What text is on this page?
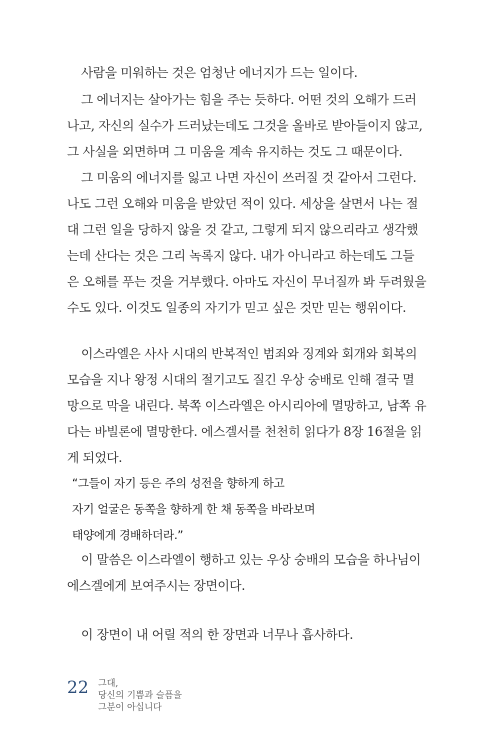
사람을 미워하는 것은 엄청난 에너지가 드는 일이다.
그 에너지는 살아가는 힘을 주는 듯하다. 어떤 것의 오해가 드러
나고, 자신의 실수가 드러났는데도 그것을 올바로 받아들이지 않고,
그 사실을 외면하며 그 미움을 계속 유지하는 것도 그 때문이다.
그 미움의 에너지를 잃고 나면 자신이 쓰러질 것 같아서 그런다.
나도 그런 오해와 미움을 받았던 적이 있다. 세상을 살면서 나는 절
대 그런 일을 당하지 않을 것 같고, 그렇게 되지 않으리라고 생각했
는데 산다는 것은 그리 녹록지 않다. 내가 아니라고 하는데도 그들
은 오해를 푸는 것을 거부했다. 아마도 자신이 무너질까 봐 두려웠을
수도 있다. 이것도 일종의 자기가 믿고 싶은 것만 믿는 행위이다.
이스라엘은 사사 시대의 반복적인 범죄와 징계와 회개와 회복의
모습을 지나 왕정 시대의 절기고도 질긴 우상 숭배로 인해 결국 멸
망으로 막을 내린다. 북쪽 이스라엘은 아시리아에 멸망하고, 남쪽 유
다는 바빌론에 멸망한다. 에스겔서를 천천히 읽다가 8장 16절을 읽
게 되었다.
“그들이 자기 등은 주의 성전을 향하게 하고
자기 얼굴은 동쪽을 향하게 한 채 동쪽을 바라보며
태양에게 경배하더라.”
이 말씀은 이스라엘이 행하고 있는 우상 숭배의 모습을 하나님이
에스겔에게 보여주시는 장면이다.
이 장면이 내 어릴 적의 한 장면과 너무나 흡사하다.
22 그대,
당신의 기쁨과 슬픔을
그분이 아십니다
